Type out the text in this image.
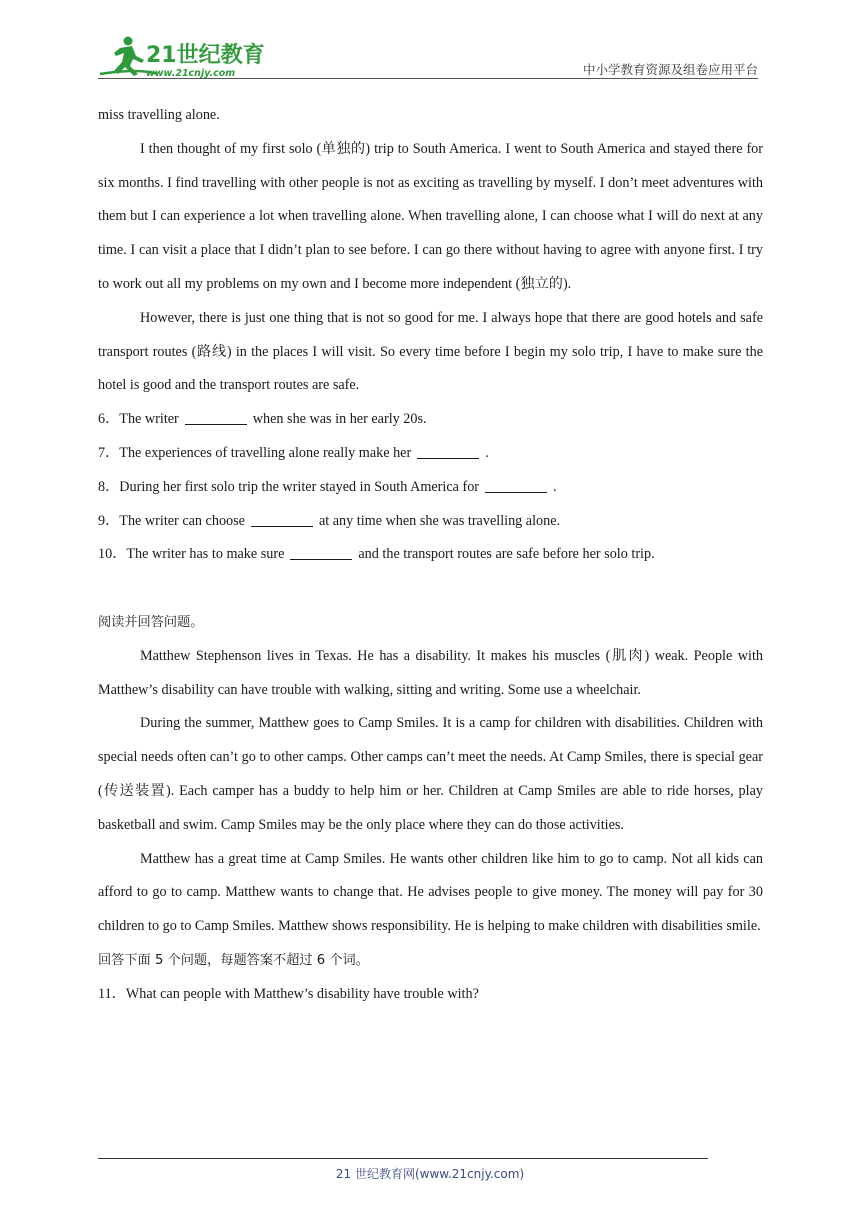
21世纪教育
www.21cnjy.com	中小学教育资源及组卷应用平台

miss travelling alone.

I then thought of my first solo (单独的) trip to South America. I went to South America and stayed there for six months. I find travelling with other people is not as exciting as travelling by myself. I don’t meet adventures with them but I can experience a lot when travelling alone. When travelling alone, I can choose what I will do next at any time. I can visit a place that I didn’t plan to see before. I can go there without having to agree with anyone first. I try to work out all my problems on my own and I become more independent (独立的).

However, there is just one thing that is not so good for me. I always hope that there are good hotels and safe transport routes (路线) in the places I will visit. So every time before I begin my solo trip, I have to make sure the hotel is good and the transport routes are safe.

6．The writer	when she was in her early 20s.

7．The experiences of travelling alone really make her	.

8．During her first solo trip the writer stayed in South America for	.

9．The writer can choose	at any time when she was travelling alone.

10．The writer has to make sure	and the transport routes are safe before her solo trip.

阅读并回答问题。

Matthew Stephenson lives in Texas. He has a disability. It makes his muscles (肌肉) weak. People with Matthew’s disability can have trouble with walking, sitting and writing. Some use a wheelchair.

During the summer, Matthew goes to Camp Smiles. It is a camp for children with disabilities. Children with special needs often can’t go to other camps. Other camps can’t meet the needs. At Camp Smiles, there is special gear (传送装置). Each camper has a buddy to help him or her. Children at Camp Smiles are able to ride horses, play basketball and swim. Camp Smiles may be the only place where they can do those activities.

Matthew has a great time at Camp Smiles. He wants other children like him to go to camp. Not all kids can afford to go to camp. Matthew wants to change that. He advises people to give money. The money will pay for 30 children to go to Camp Smiles. Matthew shows responsibility. He is helping to make children with disabilities smile.

回答下面 5 个问题，每题答案不超过 6 个词。

11．What can people with Matthew’s disability have trouble with?

21 世纪教育网(www.21cnjy.com)
